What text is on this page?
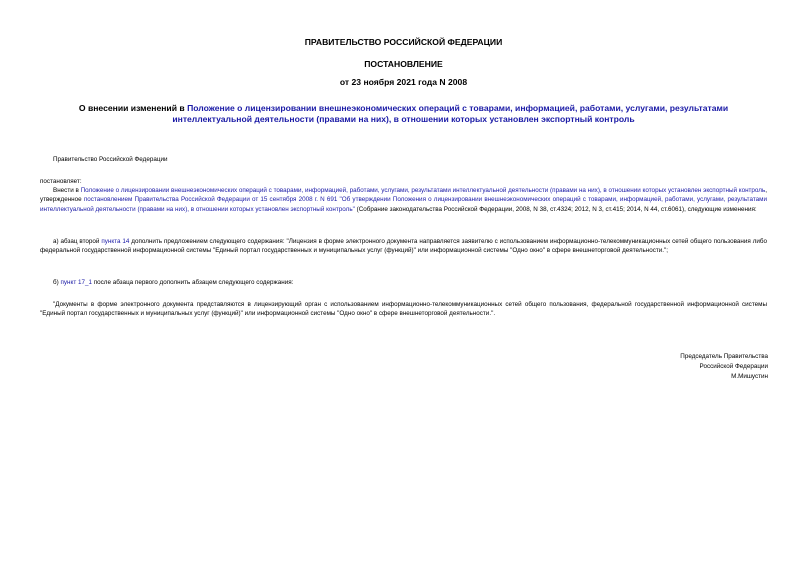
ПРАВИТЕЛЬСТВО РОССИЙСКОЙ ФЕДЕРАЦИИ
ПОСТАНОВЛЕНИЕ
от 23 ноября 2021 года N 2008
О внесении изменений в Положение о лицензировании внешнеэкономических операций с товарами, информацией, работами, услугами, результатами интеллектуальной деятельности (правами на них), в отношении которых установлен экспортный контроль
Правительство Российской Федерации
постановляет:
Внести в Положение о лицензировании внешнеэкономических операций с товарами, информацией, работами, услугами, результатами интеллектуальной деятельности (правами на них), в отношении которых установлен экспортный контроль, утвержденное постановлением Правительства Российской Федерации от 15 сентября 2008 г. N 691 "Об утверждении Положения о лицензировании внешнеэкономических операций с товарами, информацией, работами, услугами, результатами интеллектуальной деятельности (правами на них), в отношении которых установлен экспортный контроль" (Собрание законодательства Российской Федерации, 2008, N 38, ст.4324; 2012, N 3, ст.415; 2014, N 44, ст.6061), следующие изменения:
а) абзац второй пункта 14 дополнить предложением следующего содержания: "Лицензия в форме электронного документа направляется заявителю с использованием информационно-телекоммуникационных сетей общего пользования либо федеральной государственной информационной системы "Единый портал государственных и муниципальных услуг (функций)" или информационной системы "Одно окно" в сфере внешнеторговой деятельности.";
б) пункт 17_1 после абзаца первого дополнить абзацем следующего содержания:
"Документы в форме электронного документа представляются в лицензирующий орган с использованием информационно-телекоммуникационных сетей общего пользования, федеральной государственной информационной системы "Единый портал государственных и муниципальных услуг (функций)" или информационной системы "Одно окно" в сфере внешнеторговой деятельности.".
Председатель Правительства
Российской Федерации
М.Мишустин
